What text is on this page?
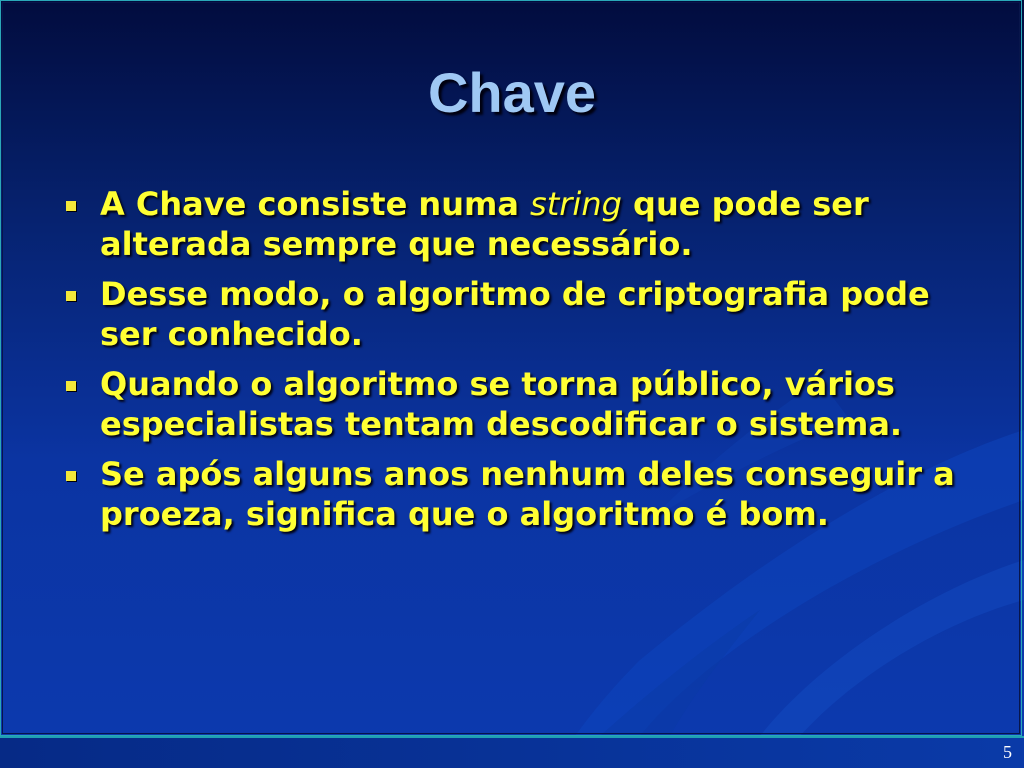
Chave
A Chave consiste numa string que pode ser alterada sempre que necessário.
Desse modo, o algoritmo de criptografia pode ser conhecido.
Quando o algoritmo se torna público, vários especialistas tentam descodificar o sistema.
Se após alguns anos nenhum deles conseguir a proeza, significa que o algoritmo é bom.
5
